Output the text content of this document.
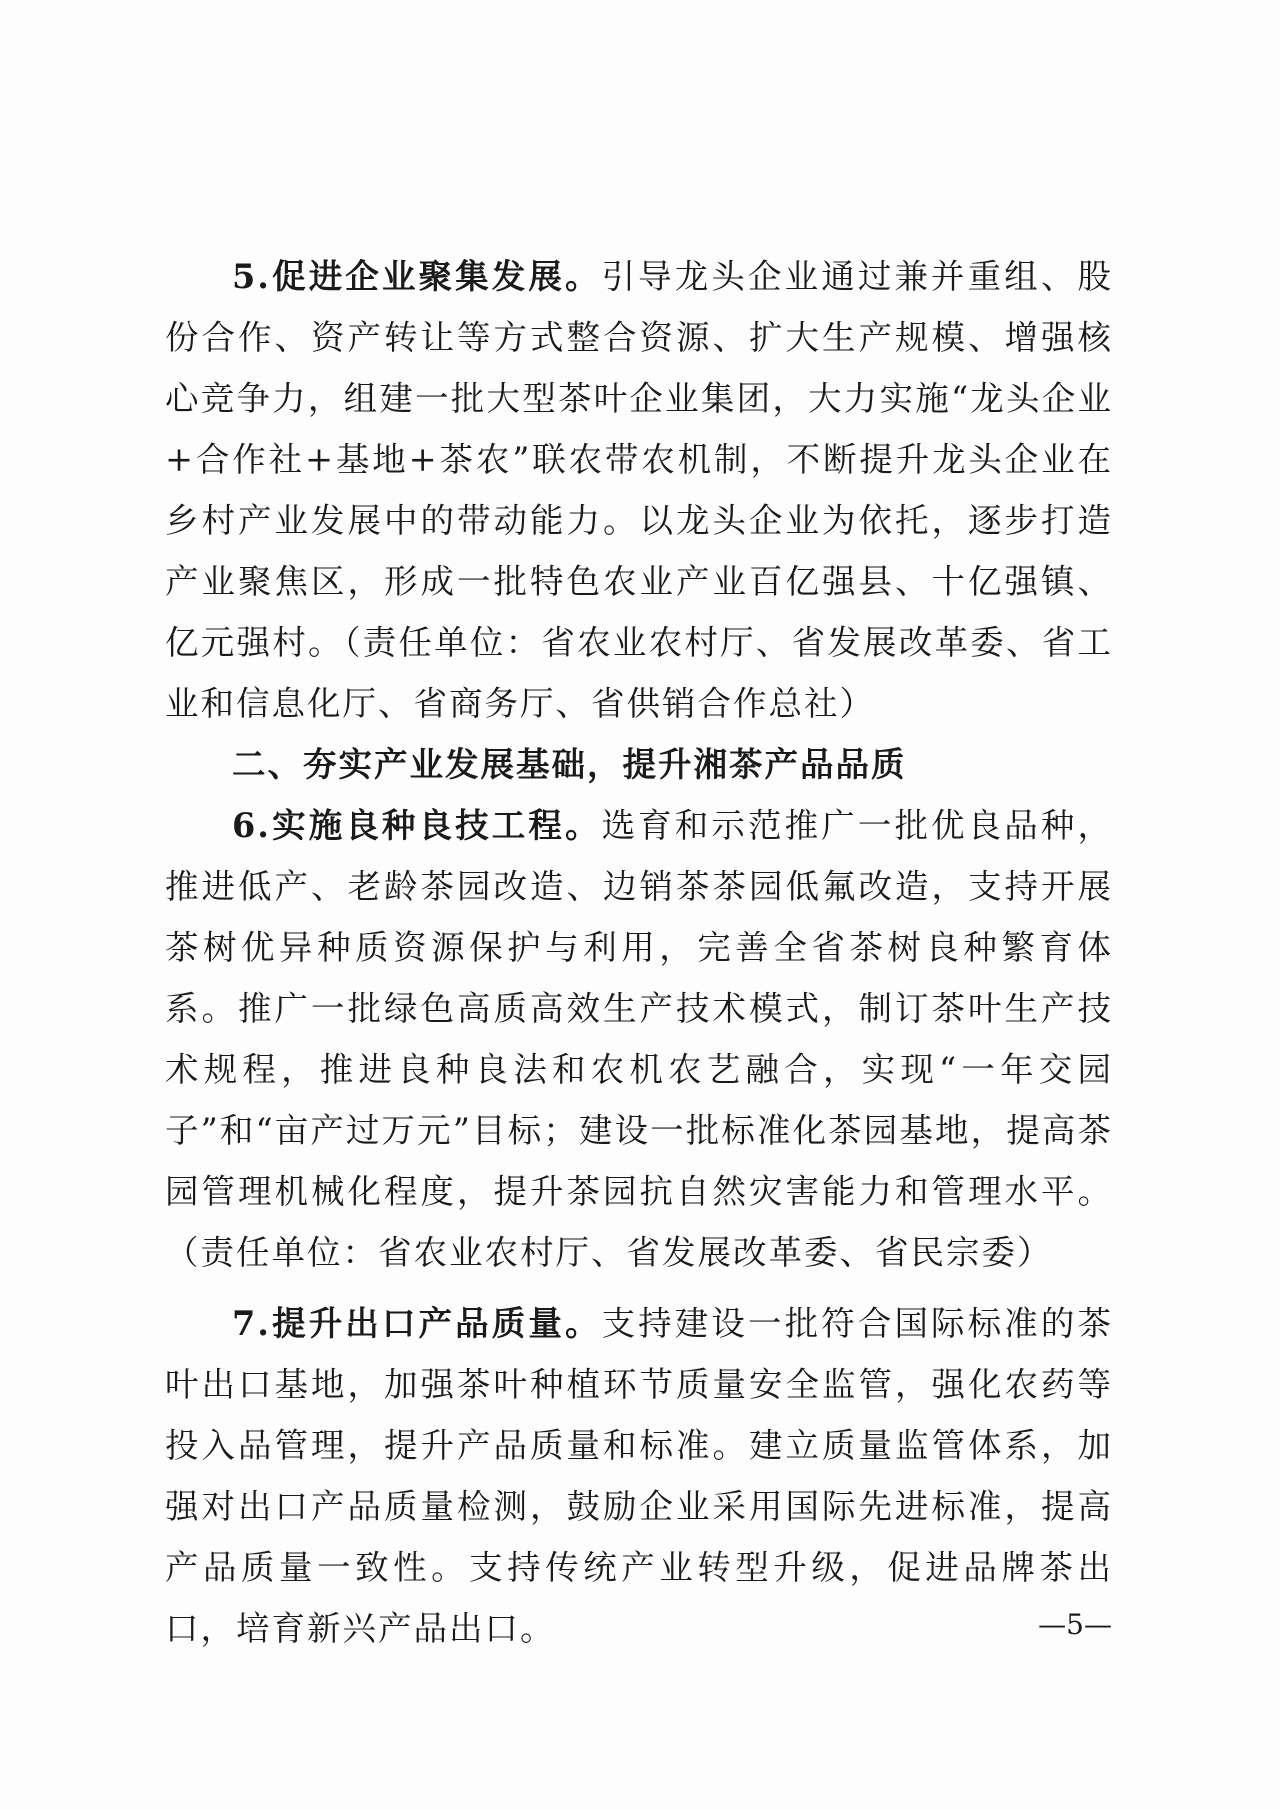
5.促进企业聚集发展。引导龙头企业通过兼并重组、股份合作、资产转让等方式整合资源、扩大生产规模、增强核心竞争力，组建一批大型茶叶企业集团，大力实施“龙头企业+合作社+基地+茶农”联农带农机制，不断提升龙头企业在乡村产业发展中的带动能力。以龙头企业为依托，逐步打造产业聚焦区，形成一批特色农业产业百亿强县、十亿强镇、亿元强村。（责任单位：省农业农村厅、省发展改革委、省工业和信息化厅、省商务厅、省供销合作总社）

二、夯实产业发展基础，提升湘茶产品品质

6.实施良种良技工程。选育和示范推广一批优良品种，推进低产、老龄茶园改造、边销茶茶园低氟改造，支持开展茶树优异种质资源保护与利用，完善全省茶树良种繁育体系。推广一批绿色高质高效生产技术模式，制订茶叶生产技术规程，推进良种良法和农机农艺融合，实现“一年交园子”和“亩产过万元”目标；建设一批标准化茶园基地，提高茶园管理机械化程度，提升茶园抗自然灾害能力和管理水平。（责任单位：省农业农村厅、省发展改革委、省民宗委）

7.提升出口产品质量。支持建设一批符合国际标准的茶叶出口基地，加强茶叶种植环节质量安全监管，强化农药等投入品管理，提升产品质量和标准。建立质量监管体系，加强对出口产品质量检测，鼓励企业采用国际先进标准，提高产品质量一致性。支持传统产业转型升级，促进品牌茶出口，培育新兴产品出口。	—5—
